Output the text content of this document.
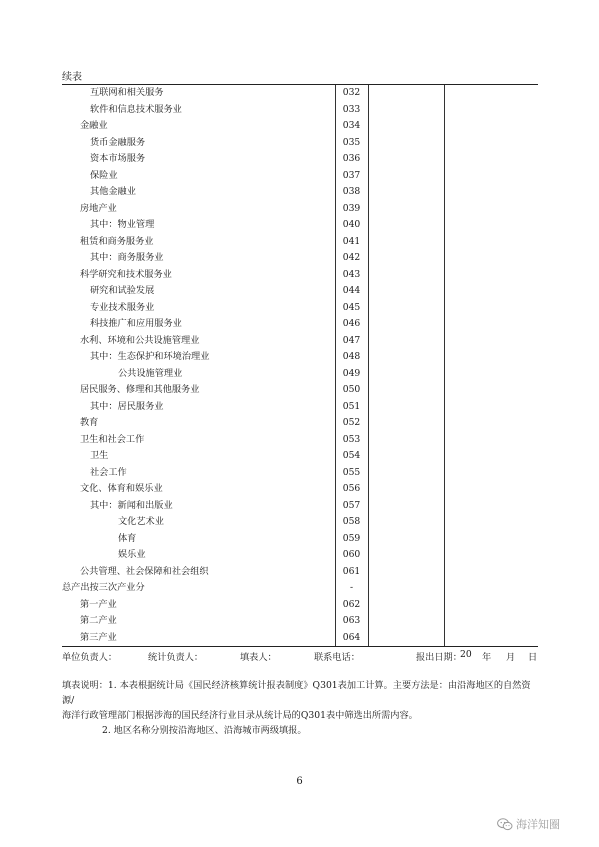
续表
互联网和相关服务	032		
软件和信息技术服务业	033		
金融业	034		
货币金融服务	035		
资本市场服务	036		
保险业	037		
其他金融业	038		
房地产业	039		
其中：物业管理	040		
租赁和商务服务业	041		
其中：商务服务业	042		
科学研究和技术服务业	043		
研究和试验发展	044		
专业技术服务业	045		
科技推广和应用服务业	046		
水利、环境和公共设施管理业	047		
其中：生态保护和环境治理业	048		
公共设施管理业	049		
居民服务、修理和其他服务业	050		
其中：居民服务业	051		
教育	052		
卫生和社会工作	053		
卫生	054		
社会工作	055		
文化、体育和娱乐业	056		
其中：新闻和出版业	057		
文化艺术业	058		
体育	059		
娱乐业	060		
公共管理、社会保障和社会组织	061		
总产出按三次产业分	-		
第一产业	062		
第二产业	063		
第三产业	064		
单位负责人：	统计负责人：	填表人：	联系电话：	报出日期：
20 年 月 日

填表说明：1. 本表根据统计局《国民经济核算统计报表制度》Q301表加工计算。主要方法是：由沿海地区的自然资源/

海洋行政管理部门根据涉海的国民经济行业目录从统计局的Q301表中筛选出所需内容。

2. 地区名称分别按沿海地区、沿海城市两级填报。

6
海洋知圈
